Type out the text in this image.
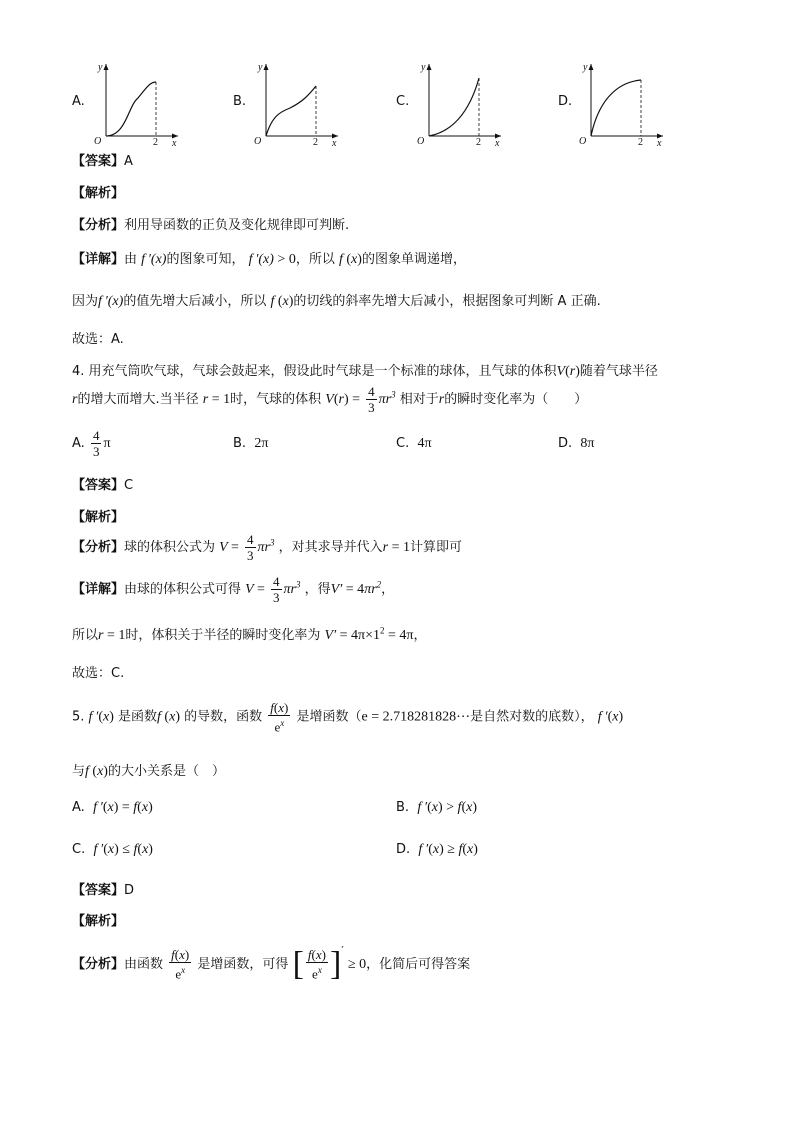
A.
y
O	2 x
B.
y
O	2 x
C.
y
O	2 x
D.
y
O	2 x
【答案】A
【解析】
【分析】利用导函数的正负及变化规律即可判断.
【详解】由 f ′(x)的图象可知， f ′(x) > 0，所以 f (x)的图象单调递增，
因为f ′(x)的值先增大后减小，所以 f (x)的切线的斜率先增大后减小，根据图象可判断 A 正确.
故选：A.
4. 用充气筒吹气球，气球会鼓起来，假设此时气球是一个标准的球体，且气球的体积V(r)随着气球半径
r的增大而增大.当半径 r = 1时，气球的体积 $V(r) = \frac{4}{3} \pi r^3$ 相对于r的瞬时变化率为（　　）
A. $\frac{4}{3}$ π	B. 2π	C. 4π	D. 8π
【答案】C
【解析】
【分析】球的体积公式为 $V = \frac{4}{3} \pi r^3$ ，对其求导并代入r = 1计算即可
【详解】由球的体积公式可得 $V = \frac{4}{3} \pi r^3$ ，得$V' = 4\pi r^2$，
所以r = 1时，体积关于半径的瞬时变化率为 $V' = 4\pi\times 1^2 = 4\pi$，
故选：C.
5. f ′(x) 是函数f (x) 的导数，函数 $\frac{f(x)}{e^x}$ 是增函数（e = 2.718281828⋯是自然对数的底数）， f ′(x)
与f (x)的大小关系是（　）
A. f ′(x) = f(x)	B. f ′(x) > f(x)
C. f ′(x) ≤ f(x)	D. f ′(x) ≥ f(x)
【答案】D
【解析】
【分析】由函数 $\frac{f(x)}{e^x}$ 是增函数，可得 [ $\frac{f(x)}{e^x} ]' \ge 0$，化简后可得答案
